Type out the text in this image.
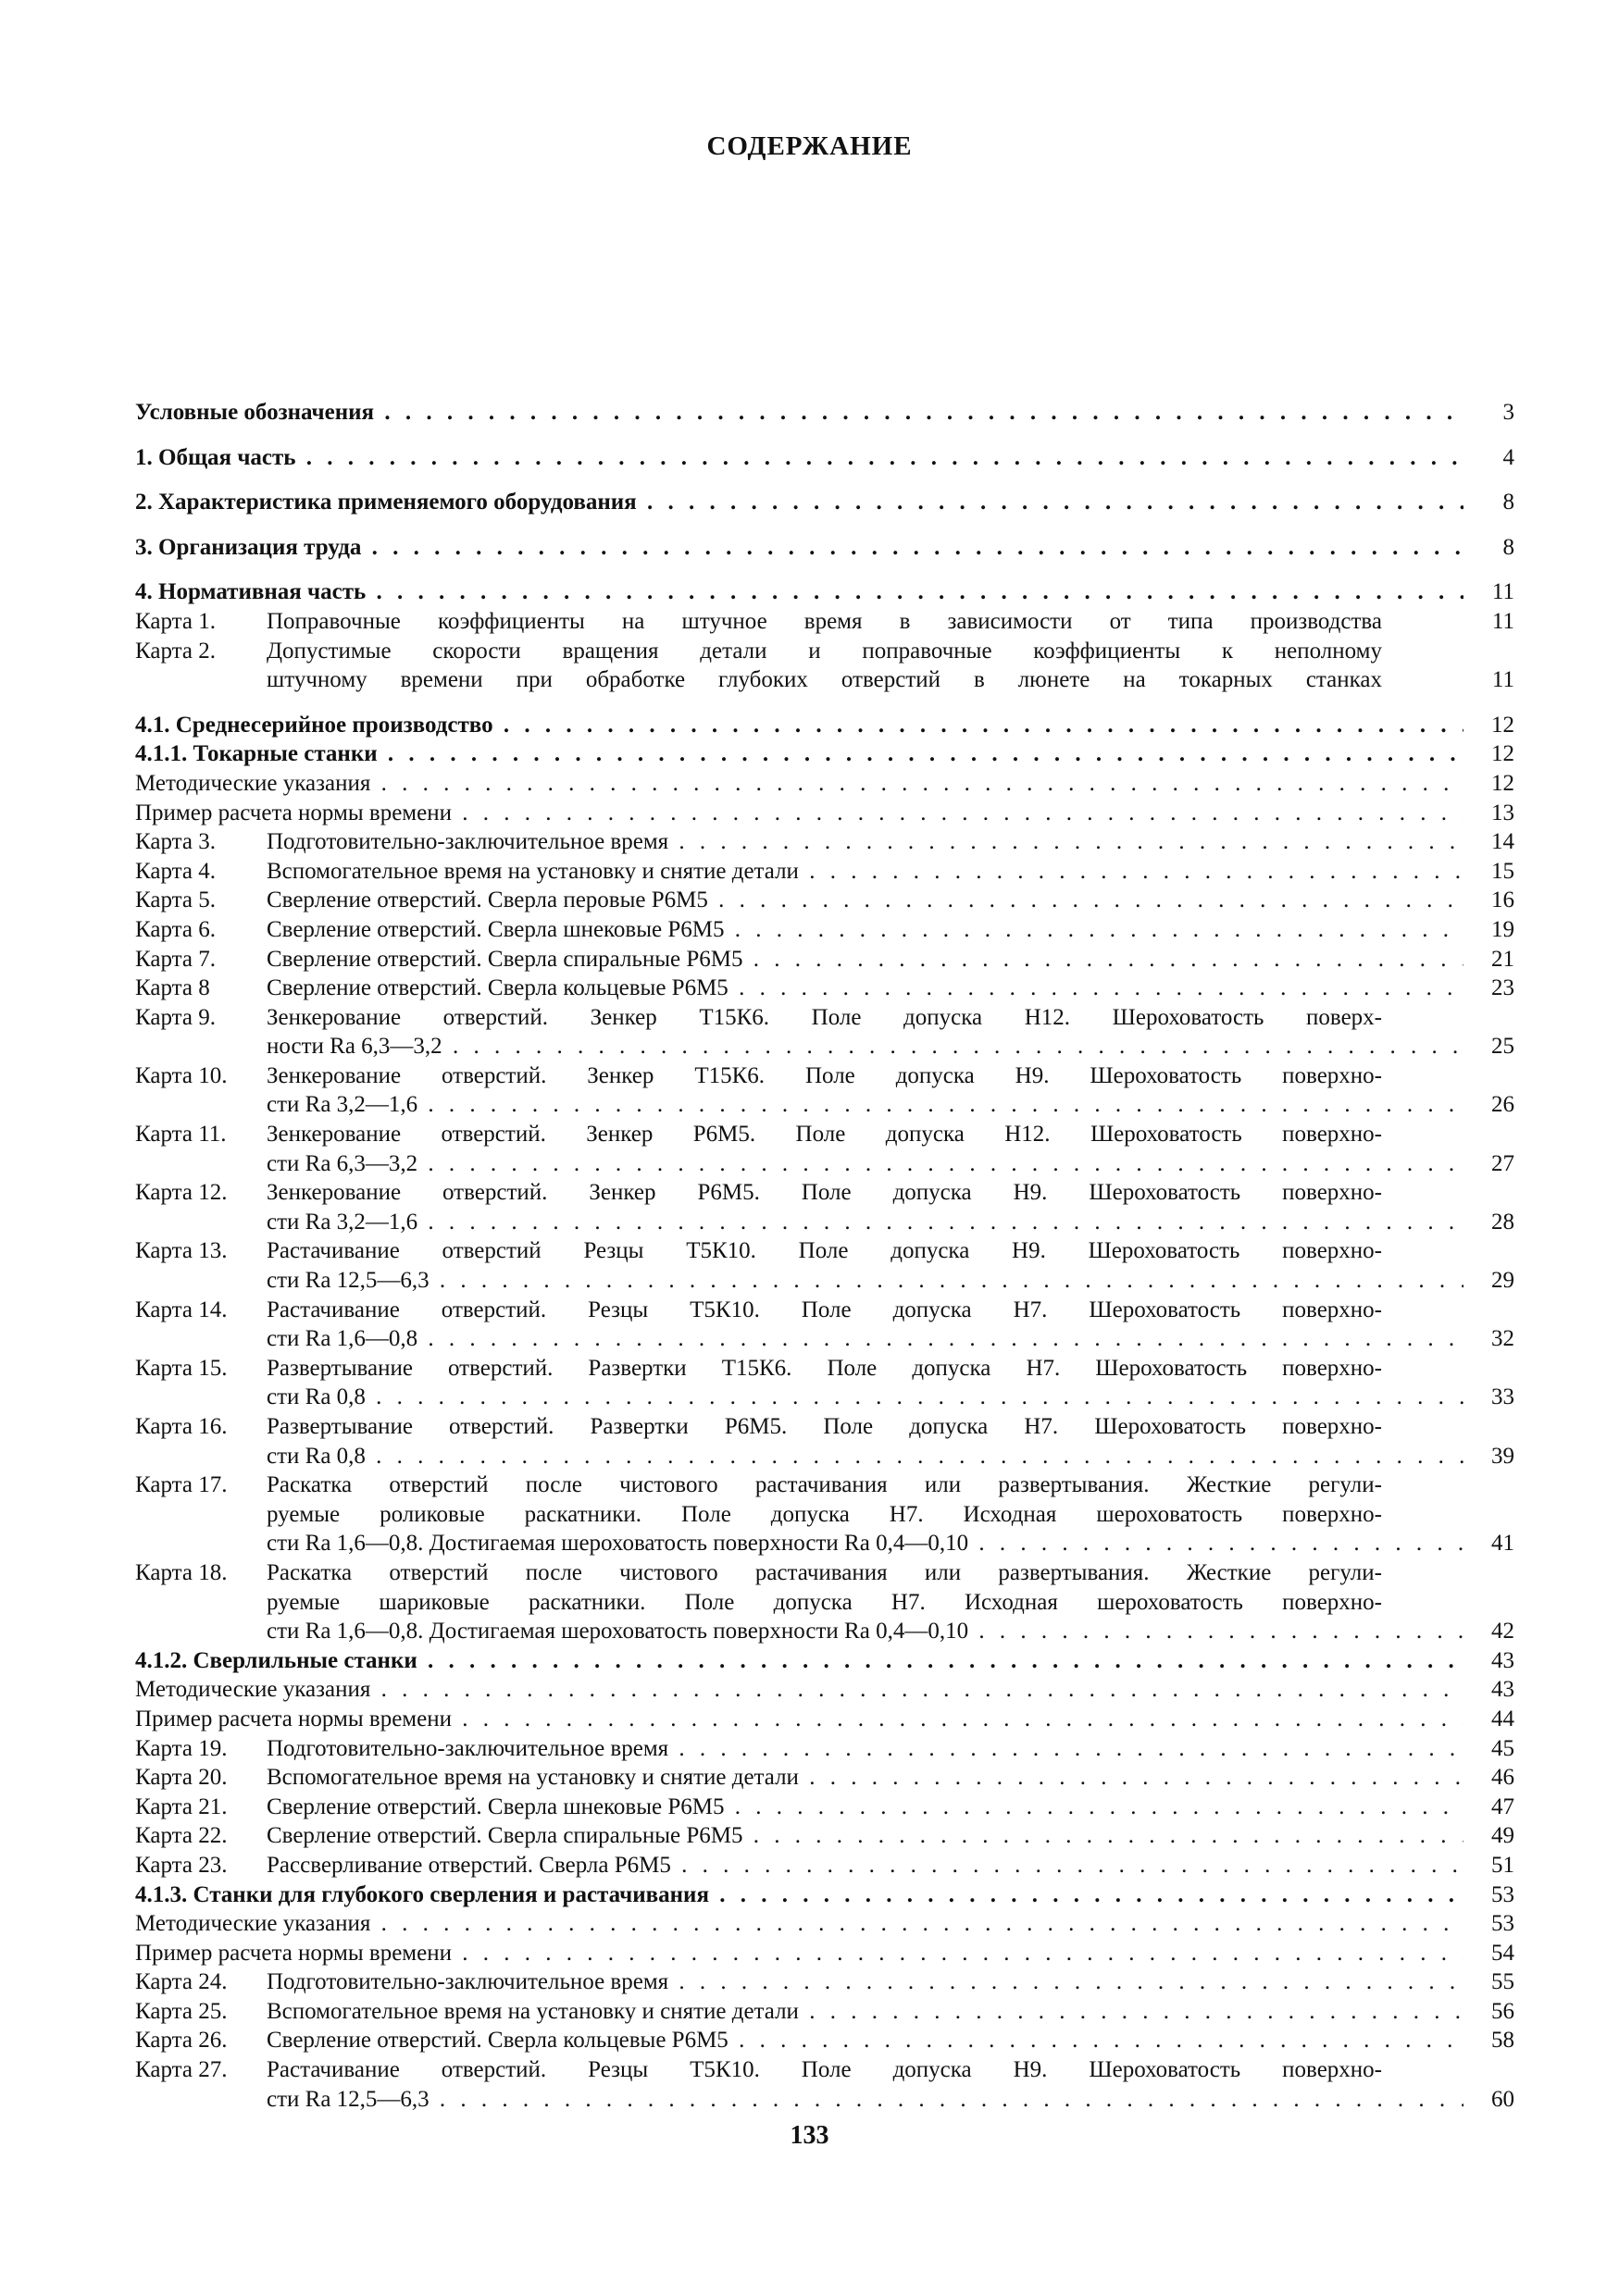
СОДЕРЖАНИЕ
Условные обозначения . . .	3
1. Общая часть . . .	4
2. Характеристика применяемого оборудования . . .	8
3. Организация труда . . .	8
4. Нормативная часть . . .	11
Карта 1.	Поправочные коэффициенты на штучное время в зависимости от типа производства	11
Карта 2.	Допустимые скорости вращения детали и поправочные коэффициенты к неполному
штучному времени при обработке глубоких отверстий в люнете на токарных станках	11
4.1. Среднесерийное производство . . .	12
4.1.1. Токарные станки . . .	12
Методические указания . . .	12
Пример расчета нормы времени . . .	13
Карта 3.	Подготовительно-заключительное время . . .	14
Карта 4.	Вспомогательное время на установку и снятие детали . . .	15
Карта 5.	Сверление отверстий. Сверла перовые Р6М5 . . .	16
Карта 6.	Сверление отверстий. Сверла шнековые Р6М5 . . .	19
Карта 7.	Сверление отверстий. Сверла спиральные Р6М5 . . .	21
Карта 8	Сверление отверстий. Сверла кольцевые Р6М5 . . .	23
Карта 9.	Зенкерование отверстий. Зенкер Т15К6. Поле допуска Н12. Шероховатость поверх-
ности Ra 6,3—3,2 . . .	25
Карта 10.	Зенкерование отверстий. Зенкер Т15К6. Поле допуска Н9. Шероховатость поверхно-
сти Ra 3,2—1,6 . . .	26
Карта 11.	Зенкерование отверстий. Зенкер Р6М5. Поле допуска Н12. Шероховатость поверхно-
сти Ra 6,3—3,2 . . .	27
Карта 12.	Зенкерование отверстий. Зенкер Р6М5. Поле допуска Н9. Шероховатость поверхно-
сти Ra 3,2—1,6 . . .	28
Карта 13.	Растачивание отверстий Резцы Т5К10. Поле допуска Н9. Шероховатость поверхно-
сти Ra 12,5—6,3 . . .	29
Карта 14.	Растачивание отверстий. Резцы Т5К10. Поле допуска Н7. Шероховатость поверхно-
сти Ra 1,6—0,8 . . .	32
Карта 15.	Развертывание отверстий. Развертки Т15К6. Поле допуска Н7. Шероховатость поверхно-
сти Ra 0,8 . . .	33
Карта 16.	Развертывание отверстий. Развертки Р6М5. Поле допуска Н7. Шероховатость поверхно-
сти Ra 0,8 . . .	39
Карта 17.	Раскатка отверстий после чистового растачивания или развертывания. Жесткие регули-
руемые роликовые раскатники. Поле допуска Н7. Исходная шероховатость поверхно-
сти Ra 1,6—0,8. Достигаемая шероховатость поверхности Ra 0,4—0,10 . . .	41
Карта 18.	Раскатка отверстий после чистового растачивания или развертывания. Жесткие регули-
руемые шариковые раскатники. Поле допуска Н7. Исходная шероховатость поверхно-
сти Ra 1,6—0,8. Достигаемая шероховатость поверхности Ra 0,4—0,10 . . .	42
4.1.2. Сверлильные станки . . .	43
Методические указания . . .	43
Пример расчета нормы времени . . .	44
Карта 19.	Подготовительно-заключительное время . . .	45
Карта 20.	Вспомогательное время на установку и снятие детали . . .	46
Карта 21.	Сверление отверстий. Сверла шнековые Р6М5 . . .	47
Карта 22.	Сверление отверстий. Сверла спиральные Р6М5 . . .	49
Карта 23.	Рассверливание отверстий. Сверла Р6М5 . . .	51
4.1.3. Станки для глубокого сверления и растачивания . . .	53
Методические указания . . .	53
Пример расчета нормы времени . . .	54
Карта 24.	Подготовительно-заключительное время . . .	55
Карта 25.	Вспомогательное время на установку и снятие детали . . .	56
Карта 26.	Сверление отверстий. Сверла кольцевые Р6М5 . . .	58
Карта 27.	Растачивание отверстий. Резцы Т5К10. Поле допуска Н9. Шероховатость поверхно-
сти Ra 12,5—6,3 . . .	60
133
